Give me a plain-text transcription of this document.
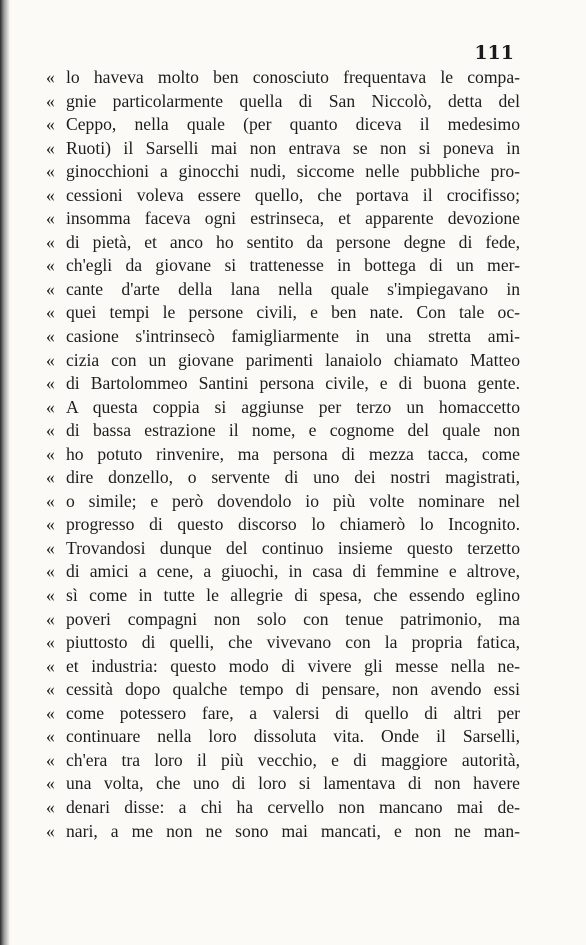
111
« lo haveva molto ben conosciuto frequentava le compa-
« gnie particolarmente quella di San Niccolò, detta del
« Ceppo, nella quale (per quanto diceva il medesimo
« Ruoti) il Sarselli mai non entrava se non si poneva in
« ginocchioni a ginocchi nudi, siccome nelle pubbliche pro-
« cessioni voleva essere quello, che portava il crocifisso;
« insomma faceva ogni estrinseca, et apparente devozione
« di pietà, et anco ho sentito da persone degne di fede,
« ch'egli da giovane si trattenesse in bottega di un mer-
« cante d'arte della lana nella quale s'impiegavano in
« quei tempi le persone civili, e ben nate. Con tale oc-
« casione s'intrinsecò famigliarmente in una stretta ami-
« cizia con un giovane parimenti lanaiolo chiamato Matteo
« di Bartolommeo Santini persona civile, e di buona gente.
« A questa coppia si aggiunse per terzo un homaccetto
« di bassa estrazione il nome, e cognome del quale non
« ho potuto rinvenire, ma persona di mezza tacca, come
« dire donzello, o servente di uno dei nostri magistrati,
« o simile; e però dovendolo io più volte nominare nel
« progresso di questo discorso lo chiamerò lo Incognito.
« Trovandosi dunque del continuo insieme questo terzetto
« di amici a cene, a giuochi, in casa di femmine e altrove,
« sì come in tutte le allegrie di spesa, che essendo eglino
« poveri compagni non solo con tenue patrimonio, ma
« piuttosto di quelli, che vivevano con la propria fatica,
« et industria: questo modo di vivere gli messe nella ne-
« cessità dopo qualche tempo di pensare, non avendo essi
« come potessero fare, a valersi di quello di altri per
« continuare nella loro dissoluta vita. Onde il Sarselli,
« ch'era tra loro il più vecchio, e di maggiore autorità,
« una volta, che uno di loro si lamentava di non havere
« denari disse: a chi ha cervello non mancano mai de-
« nari, a me non ne sono mai mancati, e non ne man-
